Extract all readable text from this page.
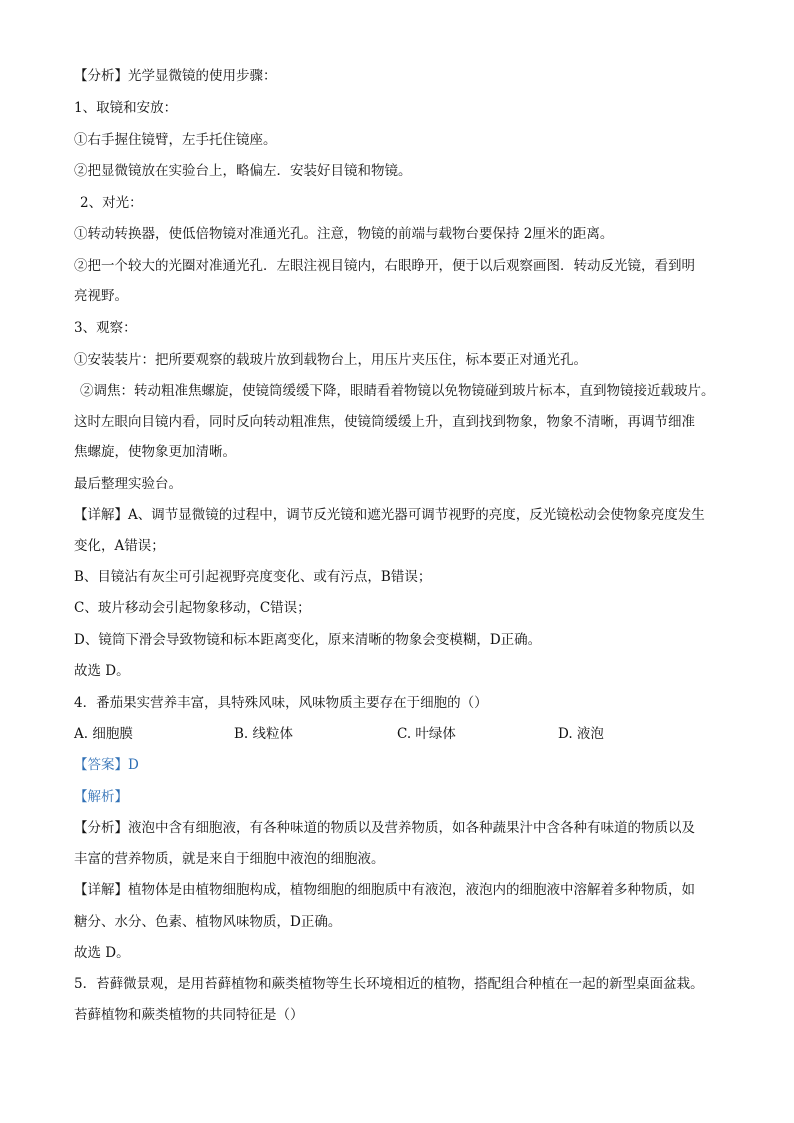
【分析】光学显微镜的使用步骤：
1、取镜和安放：
①右手握住镜臂，左手托住镜座。
②把显微镜放在实验台上，略偏左．安装好目镜和物镜。
2、对光：
①转动转换器，使低倍物镜对准通光孔。注意，物镜的前端与载物台要保持 2厘米的距离。
②把一个较大的光圈对准通光孔．左眼注视目镜内，右眼睁开，便于以后观察画图．转动反光镜，看到明
亮视野。
3、观察：
①安装装片：把所要观察的载玻片放到载物台上，用压片夹压住，标本要正对通光孔。
②调焦：转动粗准焦螺旋，使镜筒缓缓下降，眼睛看着物镜以免物镜碰到玻片标本，直到物镜接近载玻片。
这时左眼向目镜内看，同时反向转动粗准焦，使镜筒缓缓上升，直到找到物象，物象不清晰，再调节细准
焦螺旋，使物象更加清晰。
最后整理实验台。
【详解】A、调节显微镜的过程中，调节反光镜和遮光器可调节视野的亮度，反光镜松动会使物象亮度发生
变化，A错误；
B、目镜沾有灰尘可引起视野亮度变化、或有污点，B错误；
C、玻片移动会引起物象移动，C错误；
D、镜筒下滑会导致物镜和标本距离变化，原来清晰的物象会变模糊，D正确。
故选 D。
4．番茄果实营养丰富，具特殊风味，风味物质主要存在于细胞的（）
A. 细胞膜	B. 线粒体	C. 叶绿体	D. 液泡
【答案】D
【解析】
【分析】液泡中含有细胞液，有各种味道的物质以及营养物质，如各种蔬果汁中含各种有味道的物质以及
丰富的营养物质，就是来自于细胞中液泡的细胞液。
【详解】植物体是由植物细胞构成，植物细胞的细胞质中有液泡，液泡内的细胞液中溶解着多种物质，如
糖分、水分、色素、植物风味物质，D正确。
故选 D。
5．苔藓微景观，是用苔藓植物和蕨类植物等生长环境相近的植物，搭配组合种植在一起的新型桌面盆栽。
苔藓植物和蕨类植物的共同特征是（）
